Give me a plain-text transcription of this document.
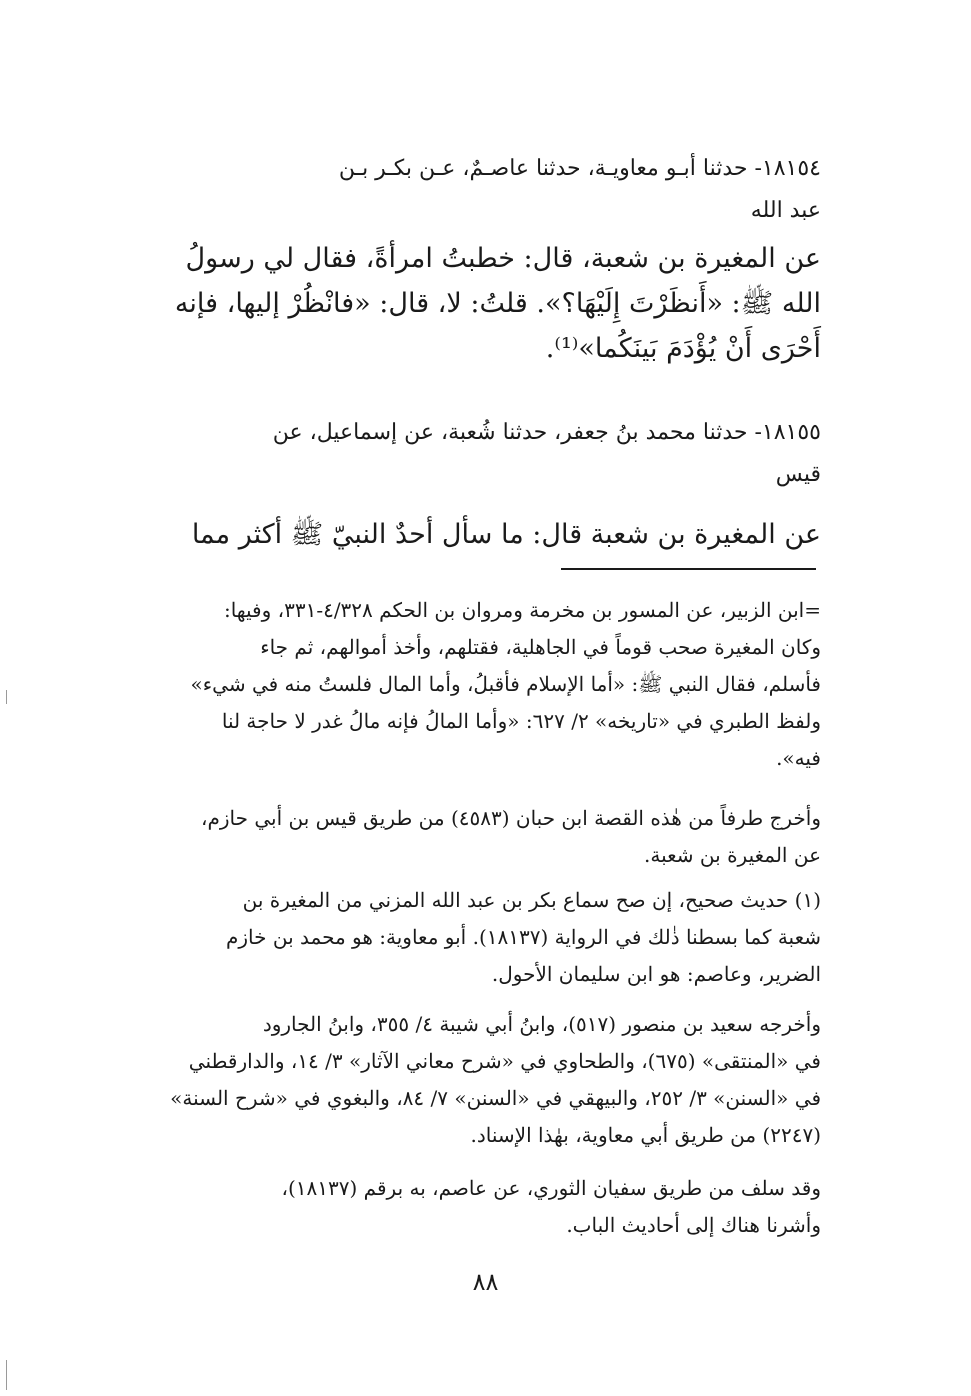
١٨١٥٤- حدثنا أبـو معاويـة، حدثنا عاصـمٌ، عـن بكـر بـن
عبد الله
عن المغيرة بن شعبة، قال: خطبتُ امرأةً، فقال لي رسولُ
الله ﷺ: «أَنظَرْتَ إِلَيْهَا؟». قلتُ: لا، قال: «فانْظُرْ إليها، فإنه
أَحْرَى أَنْ يُؤْدَمَ بَينَكُما»⁽¹⁾.
١٨١٥٥- حدثنا محمد بنُ جعفر، حدثنا شُعبة، عن إسماعيل، عن
قيس
عن المغيرة بن شعبة قال: ما سأل أحدٌ النبيّ ﷺ أكثر مما
=ابن الزبير، عن المسور بن مخرمة ومروان بن الحكم ٤/٣٢٨-٣٣١، وفيها:
وكان المغيرة صحب قوماً في الجاهلية، فقتلهم، وأخذ أموالهم، ثم جاء
فأسلم، فقال النبي ﷺ: «أما الإسلام فأقبلُ، وأما المال فلستُ منه في شيء»
ولفظ الطبري في «تاريخه» ٢/ ٦٢٧: «وأما المالُ فإنه مالُ غدر لا حاجة لنا
فيه».
وأخرج طرفاً من هٰذه القصة ابن حبان (٤٥٨٣) من طريق قيس بن أبي حازم،
عن المغيرة بن شعبة.
(١) حديث صحيح، إن صح سماع بكر بن عبد الله المزني من المغيرة بن
شعبة كما بسطنا ذٰلك في الرواية (١٨١٣٧). أبو معاوية: هو محمد بن خازم
الضرير، وعاصم: هو ابن سليمان الأحول.
وأخرجه سعيد بن منصور (٥١٧)، وابنُ أبي شيبة ٤/ ٣٥٥، وابنُ الجارود
في «المنتقى» (٦٧٥)، والطحاوي في «شرح معاني الآثار» ٣/ ١٤، والدارقطني
في «السنن» ٣/ ٢٥٢، والبيهقي في «السنن» ٧/ ٨٤، والبغوي في «شرح السنة»
(٢٢٤٧) من طريق أبي معاوية، بهٰذا الإسناد.
وقد سلف من طريق سفيان الثوري، عن عاصم، به برقم (١٨١٣٧)،
وأشرنا هناك إلى أحاديث الباب.
٨٨
